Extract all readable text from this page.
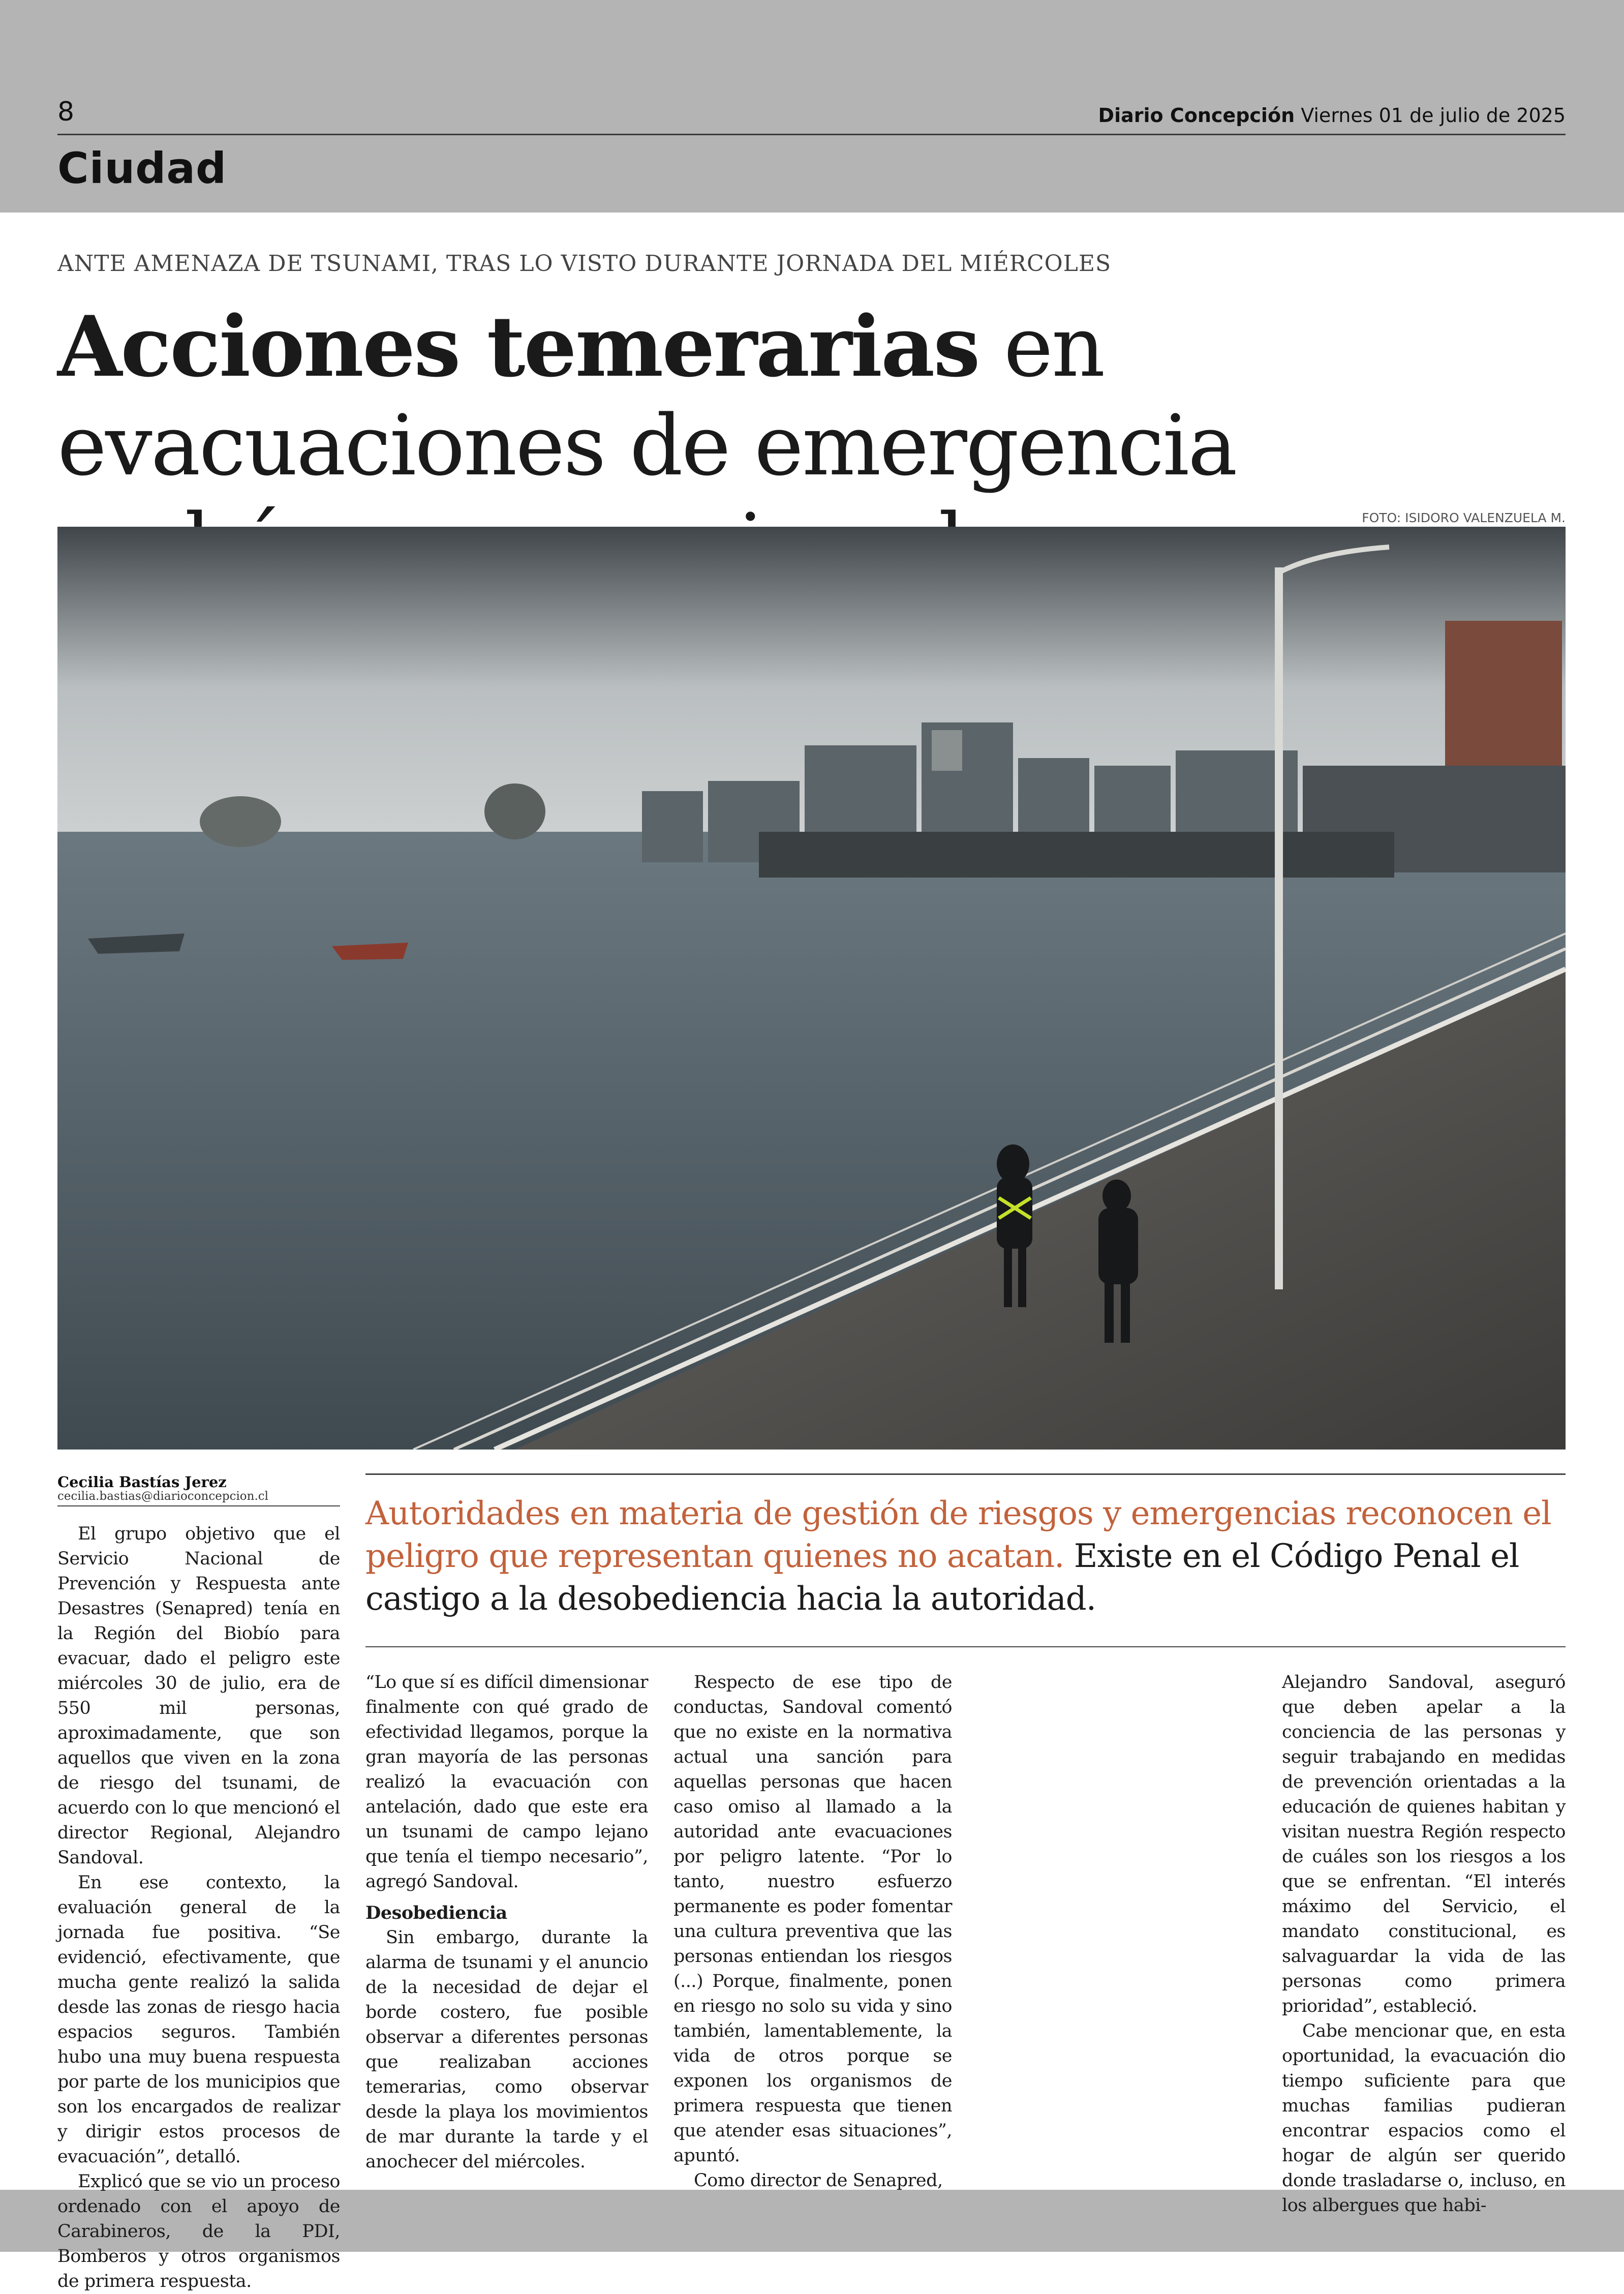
8	Diario Concepción Viernes 01 de julio de 2025
Ciudad
ANTE AMENAZA DE TSUNAMI, TRAS LO VISTO DURANTE JORNADA DEL MIÉRCOLES
Acciones temerarias en evacuaciones de emergencia
FOTO: ISIDORO VALENZUELA M.
Cecilia Bastías Jerez
cecilia.bastias@diarioconcepcion.cl	Autoridades en materia de gestión de riesgos y emergencias reconocen el peligro que representan quienes no acatan. Existe en el Código Penal el castigo a la desobediencia hacia la autoridad.

El grupo objetivo que el Servicio Nacional de Prevención y Respuesta ante Desastres (Senapred) tenía en la Región del Biobío para evacuar, dado el peligro este miércoles 30 de julio, era de 550 mil personas, aproximadamente, que son aquellos que viven en la zona de riesgo del tsunami, de acuerdo con lo que mencionó el director Regional, Alejandro Sandoval.

En ese contexto, la evaluación general de la jornada fue positiva. “Se evidenció, efectivamente, que mucha gente realizó la salida desde las zonas de riesgo hacia espacios seguros. También hubo una muy buena respuesta por parte de los municipios que son los encargados de realizar y dirigir estos procesos de evacuación”, detalló.

Explicó que se vio un proceso ordenado con el apoyo de Carabineros, de la PDI, Bomberos y otros organismos de primera respuesta.

“Lo que sí es difícil dimensionar finalmente con qué grado de efectividad llegamos, porque la gran mayoría de las personas realizó la evacuación con antelación, dado que este era un tsunami de campo lejano que tenía el tiempo necesario”, agregó Sandoval.

Desobediencia

Sin embargo, durante la alarma de tsunami y el anuncio de la necesidad de dejar el borde costero, fue posible observar a diferentes personas que realizaban acciones temerarias, como observar desde la playa los movimientos de mar durante la tarde y el anochecer del miércoles.

Respecto de ese tipo de conductas, Sandoval comentó que no existe en la normativa actual una sanción para aquellas personas que hacen caso omiso al llamado a la autoridad ante evacuaciones por peligro latente. “Por lo tanto, nuestro esfuerzo permanente es poder fomentar una cultura preventiva que las personas entiendan los riesgos (...) Porque, finalmente, ponen en riesgo no solo su vida y sino también, lamentablemente, la vida de otros porque se exponen los organismos de primera respuesta que tienen que atender esas situaciones”, apuntó.

Como director de Senapred,

Alejandro Sandoval, aseguró que deben apelar a la conciencia de las personas y seguir trabajando en medidas de prevención orientadas a la educación de quienes habitan y visitan nuestra Región respecto de cuáles son los riesgos a los que se enfrentan. “El interés máximo del Servicio, el mandato constitucional, es salvaguardar la vida de las personas como primera prioridad”, estableció.

Cabe mencionar que, en esta oportunidad, la evacuación dio tiempo suficiente para que muchas familias pudieran encontrar espacios como el hogar de algún ser querido donde trasladarse o, incluso, en los albergues que habi-
